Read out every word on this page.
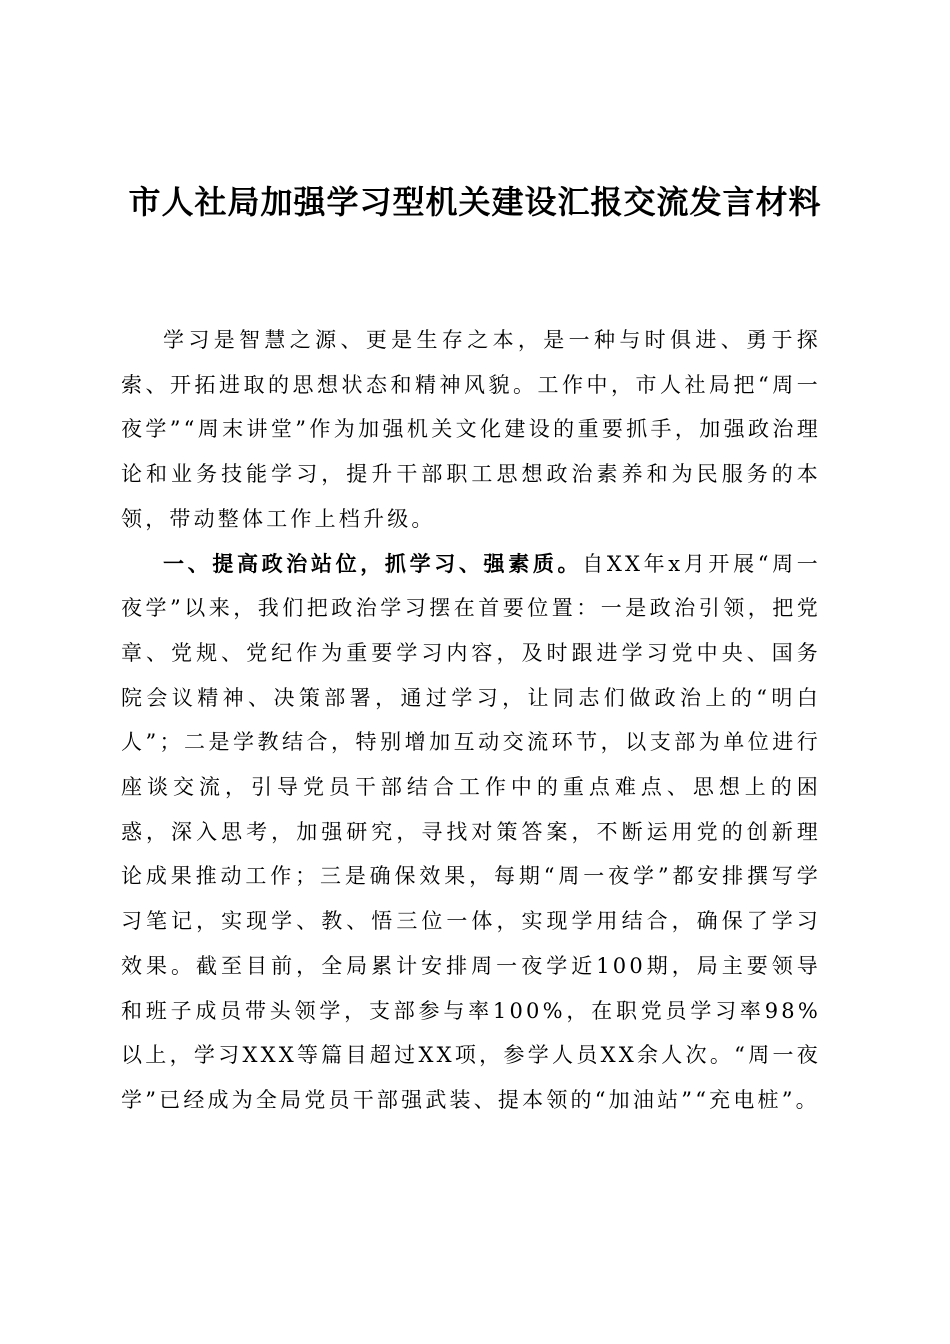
市人社局加强学习型机关建设汇报交流发言材料

学习是智慧之源、更是生存之本，是一种与时俱进、勇于探索、开拓进取的思想状态和精神风貌。工作中，市人社局把“周一夜学”“周末讲堂”作为加强机关文化建设的重要抓手，加强政治理论和业务技能学习，提升干部职工思想政治素养和为民服务的本领，带动整体工作上档升级。

一、提高政治站位，抓学习、强素质。自XX年x月开展“周一夜学”以来，我们把政治学习摆在首要位置：一是政治引领，把党章、党规、党纪作为重要学习内容，及时跟进学习党中央、国务院会议精神、决策部署，通过学习，让同志们做政治上的“明白人”；二是学教结合，特别增加互动交流环节，以支部为单位进行座谈交流，引导党员干部结合工作中的重点难点、思想上的困惑，深入思考，加强研究，寻找对策答案，不断运用党的创新理论成果推动工作；三是确保效果，每期“周一夜学”都安排撰写学习笔记，实现学、教、悟三位一体，实现学用结合，确保了学习效果。截至目前，全局累计安排周一夜学近100期，局主要领导和班子成员带头领学，支部参与率100%，在职党员学习率98%以上，学习XXX等篇目超过XX项，参学人员XX余人次。“周一夜学”已经成为全局党员干部强武装、提本领的“加油站”“充电桩”。
